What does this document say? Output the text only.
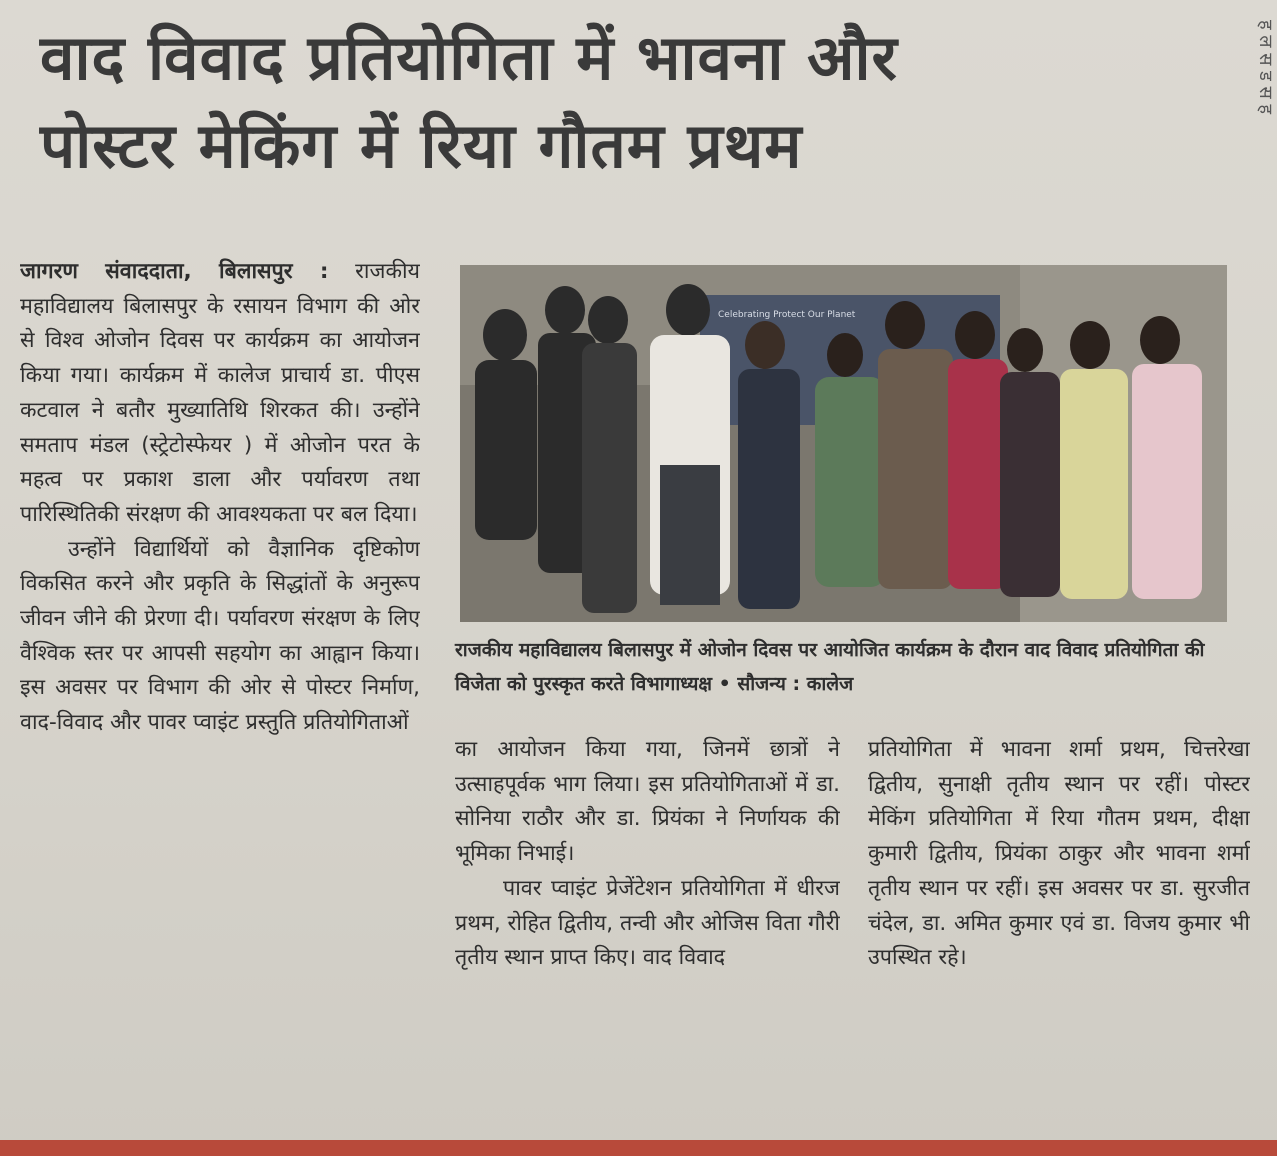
वाद विवाद प्रतियोगिता में भावना और
पोस्टर मेकिंग में रिया गौतम प्रथम

जागरण संवाददाता, बिलासपुर : राजकीय महाविद्यालय बिलासपुर के रसायन विभाग की ओर से विश्व ओजोन दिवस पर कार्यक्रम का आयोजन किया गया। कार्यक्रम में कालेज प्राचार्य डा. पीएस कटवाल ने बतौर मुख्यातिथि शिरकत की। उन्होंने समताप मंडल (स्ट्रेटोस्फेयर ) में ओजोन परत के महत्व पर प्रकाश डाला और पर्यावरण तथा पारिस्थितिकी संरक्षण की आवश्यकता पर बल दिया।

उन्होंने विद्यार्थियों को वैज्ञानिक दृष्टिकोण विकसित करने और प्रकृति के सिद्धांतों के अनुरूप जीवन जीने की प्रेरणा दी। पर्यावरण संरक्षण के लिए वैश्विक स्तर पर आपसी सहयोग का आह्वान किया। इस अवसर पर विभाग की ओर से पोस्टर निर्माण, वाद-विवाद और पावर प्वाइंट प्रस्तुति प्रतियोगिताओं

Celebrating Protect Our Planet
राजकीय महाविद्यालय बिलासपुर में ओजोन दिवस पर आयोजित कार्यक्रम के दौरान वाद विवाद प्रतियोगिता की विजेता को पुरस्कृत करते विभागाध्यक्ष • सौजन्य : कालेज

का आयोजन किया गया, जिनमें छात्रों ने उत्साहपूर्वक भाग लिया। इस प्रतियोगिताओं में डा. सोनिया राठौर और डा. प्रियंका ने निर्णायक की भूमिका निभाई।

पावर प्वाइंट प्रेजेंटेशन प्रतियोगिता में धीरज प्रथम, रोहित द्वितीय, तन्वी और ओजिस विता गौरी तृतीय स्थान प्राप्त किए। वाद विवाद

प्रतियोगिता में भावना शर्मा प्रथम, चित्तरेखा द्वितीय, सुनाक्षी तृतीय स्थान पर रहीं। पोस्टर मेकिंग प्रतियोगिता में रिया गौतम प्रथम, दीक्षा कुमारी द्वितीय, प्रियंका ठाकुर और भावना शर्मा तृतीय स्थान पर रहीं। इस अवसर पर डा. सुरजीत चंदेल, डा. अमित कुमार एवं डा. विजय कुमार भी उपस्थित रहे।

ह ल स ड स ह
